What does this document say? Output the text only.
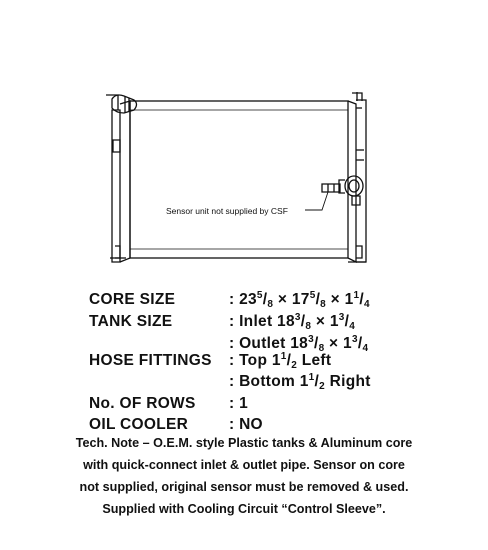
Sensor unit not supplied by CSF
CORE SIZE	: $23^5/8 \times 17^5/8 \times 1^1/4$
TANK SIZE	: Inlet $18^3/8 \times 1^3/4$
: Outlet $18^3/8 \times 1^3/4$
HOSE FITTINGS : Top $1^1/2$ Left
: Bottom $1^1/2$ Right
No. OF ROWS : 1
OIL COOLER	: NO
Tech. Note – O.E.M. style Plastic tanks & Aluminum core
with quick-connect inlet & outlet pipe. Sensor on core
not supplied, original sensor must be removed & used.
Supplied with Cooling Circuit “Control Sleeve”.
